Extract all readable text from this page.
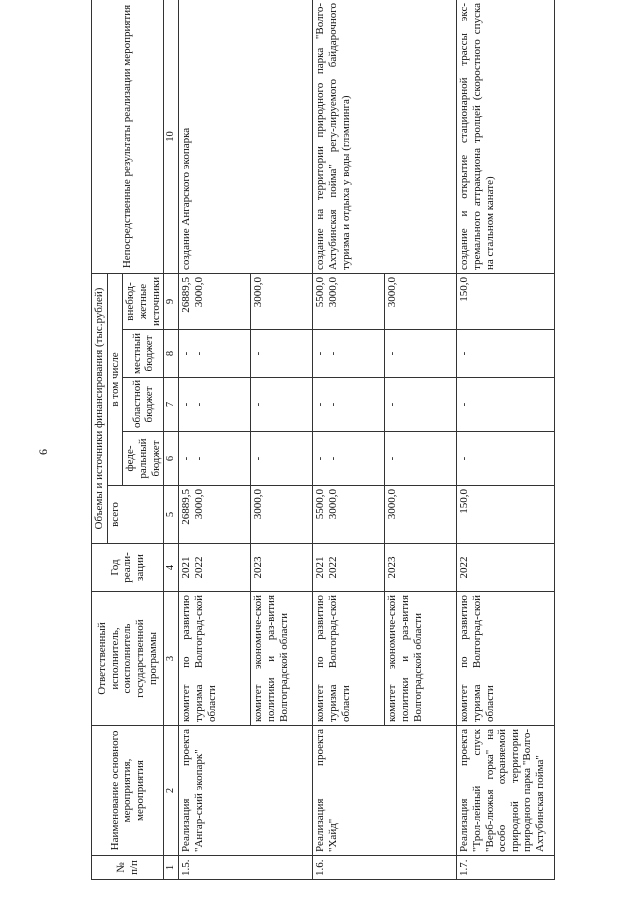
6
№ п/п	Наименование основного мероприятия, мероприятия	Ответственный исполнитель, соисполнитель государственной программы	Год реали-зации	Объемы и источники финансирования (тыс.рублей)					Непосредственные результаты реализации мероприятия
				всего	в том числе				
					феде-ральный бюджет	областной бюджет	местный бюджет	внебюд-жетные источники	
1	2	3	4	5	6	7	8	9	10
1.5.	Реализация проекта "Ангар-ский экопарк"	комитет по развитию туризма Волгоград-ской области	2021 2022	26889,5 3000,0	- -	- -	- -	26889,5 3000,0	создание Ангарского экопарка
		комитет экономиче-ской политики и раз-вития Волгоградской области	2023	3000,0	-	-	-	3000,0	
1.6.	Реализация проекта "Хайд"	комитет по развитию туризма Волгоград-ской области	2021 2022	5500,0 3000,0	- -	- -	- -	5500,0 3000,0	создание на территории природного парка "Волго-Ахтубинская пойма" регу-лируемого байдарочного туризма и отдыха у воды (глэмпинга)
		комитет экономиче-ской политики и раз-вития Волгоградской области	2023	3000,0	-	-	-	3000,0	
1.7.	Реализация проекта "Трол-лейный спуск "Верб-люжья горка" на особо охраняемой природной территории природного парка "Волго-Ахтубинская пойма"	комитет по развитию туризма Волгоград-ской области	2022	150,0	-	-	-	150,0	создание и открытие стационарной трассы экс-тремального аттракциона тролцей (скоростного спуска на стальном канате)
